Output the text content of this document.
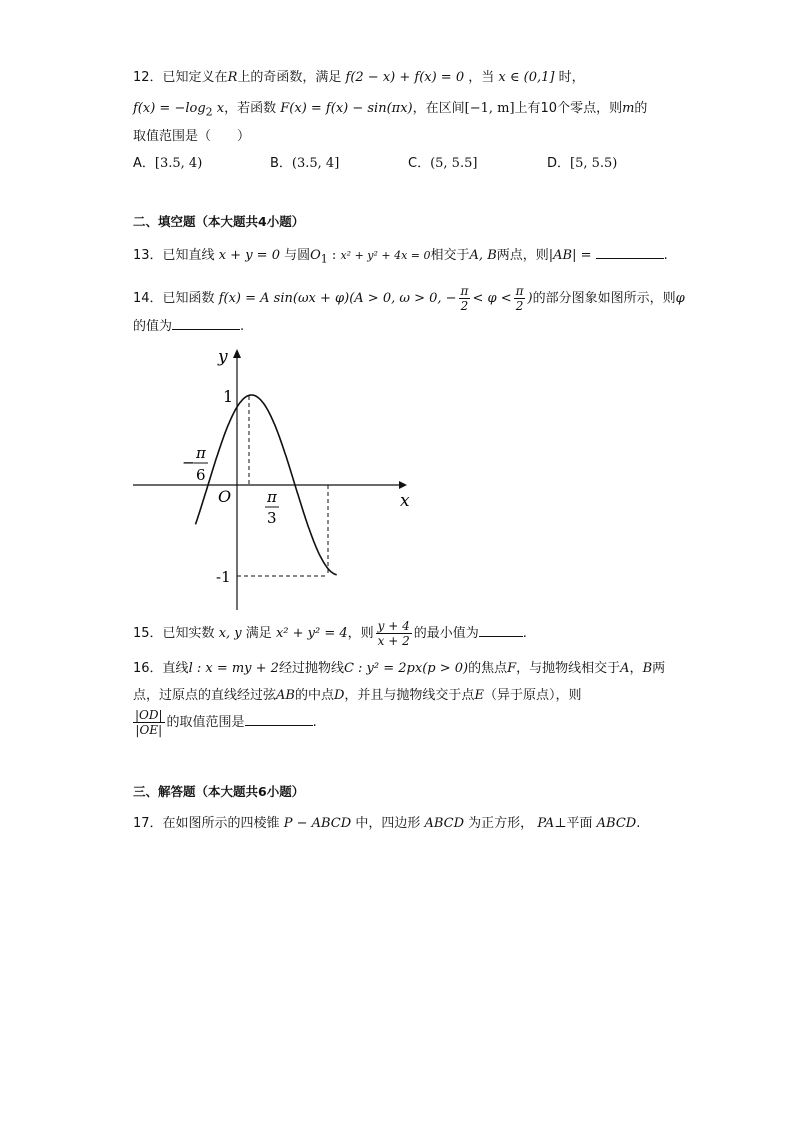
12．已知定义在R上的奇函数，满足 f(2 − x) + f(x) = 0 ，当 x ∈ (0,1] 时，
$f(x) = -\log_2$ x，若函数 F(x) = f(x) − sin(πx)，在区间[−1, m]上有10个零点，则m的
取值范围是（　　）
A．[3.5, 4)	B．(3.5, 4]	C．(5, 5.5]	D．[5, 5.5)
二、填空题（本大题共4小题）
13．已知直线 x + y = 0 与圆$O_1$ : x² + y² + 4x = 0相交于A, B两点，则|AB| =	.
14．已知函数 f(x) = A sin(ωx + φ)(A > 0, ω > 0, − $\frac{\pi}{2} < \varphi < \frac{\pi}{2}$ )的部分图象如图所示，则φ
的值为	.
y
x
O
1
-1
− π
6
π
3
15．已知实数 x, y 满足 x² + y² = 4，则 $\frac{y + 4}{x + 2}$ 的最小值为	.
16．直线l : x = my + 2经过抛物线C : y² = 2px(p > 0)的焦点F，与抛物线相交于A，B两
点，过原点的直线经过弦AB的中点D，并且与抛物线交于点E（异于原点），则
$\frac{|OD|}{|OE|}$ 的取值范围是	.
三、解答题（本大题共6小题）
17．在如图所示的四棱锥 P − ABCD 中，四边形 ABCD 为正方形， PA⊥平面 ABCD.
